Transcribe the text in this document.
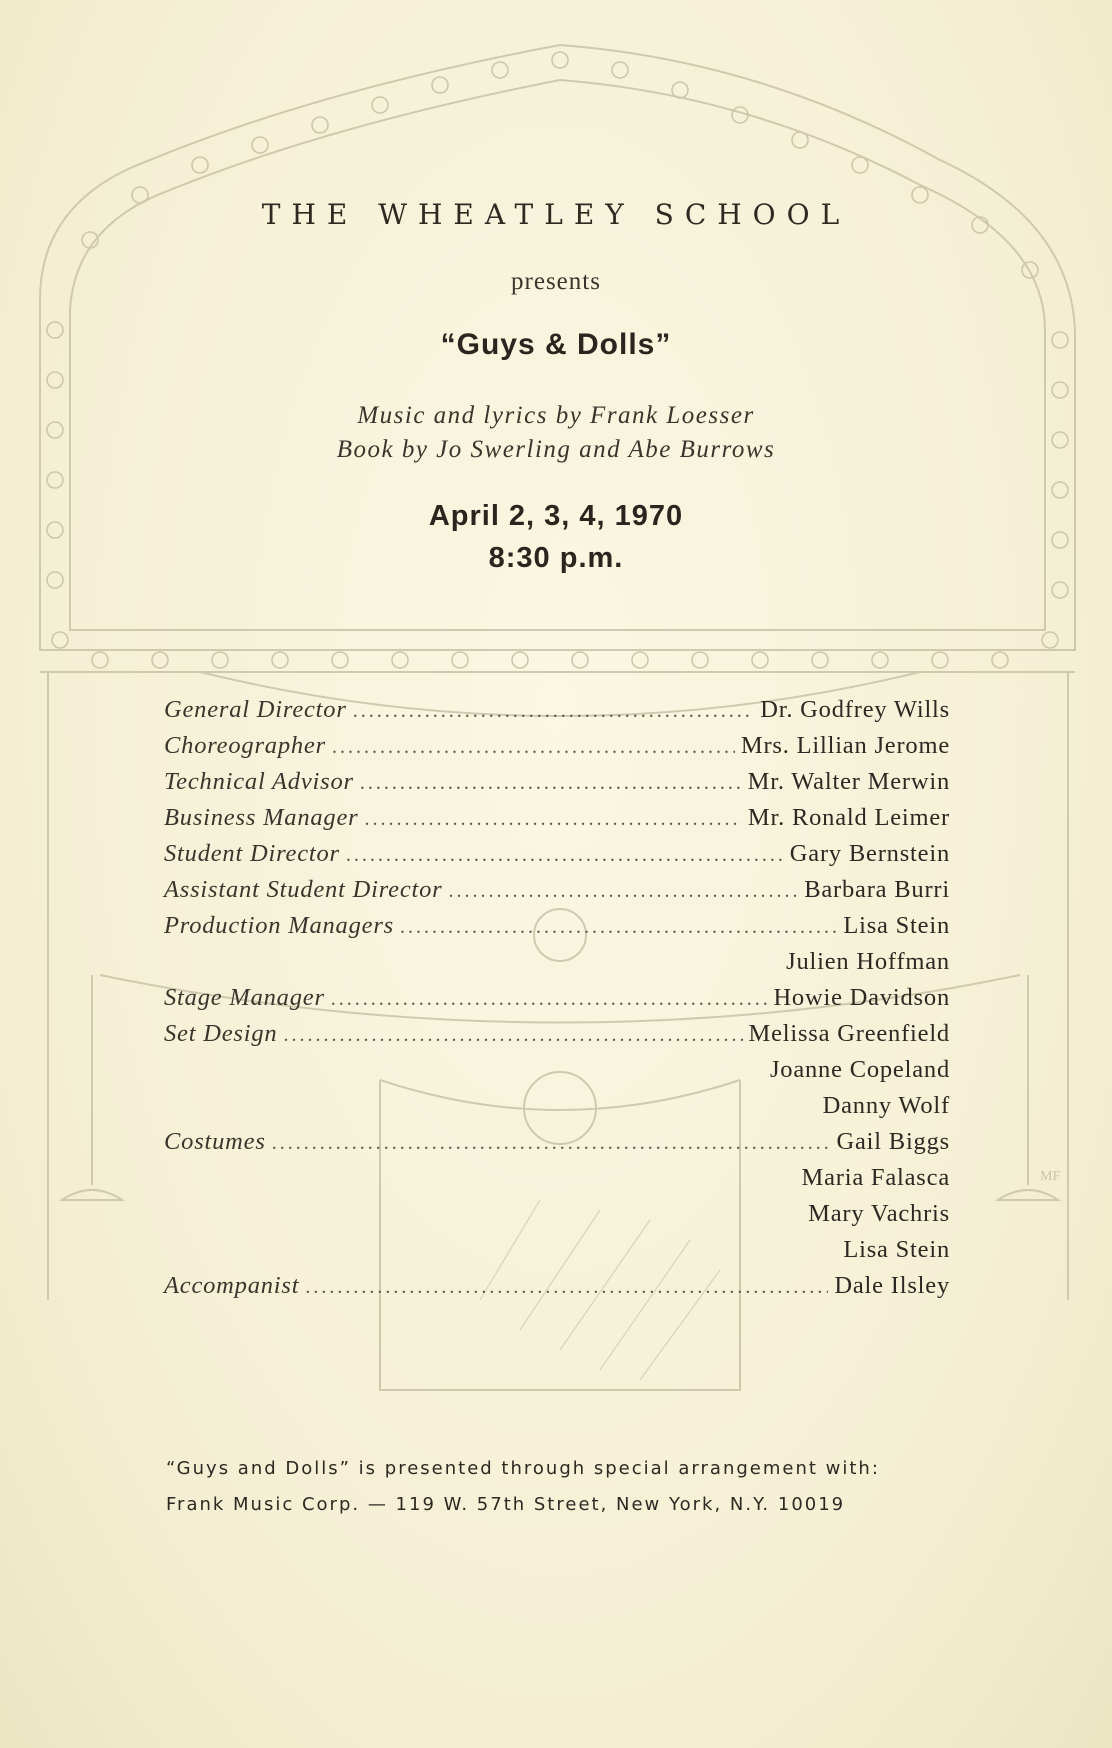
MF
THE WHEATLEY SCHOOL
presents
“Guys & Dolls”
Music and lyrics by Frank Loesser
Book by Jo Swerling and Abe Burrows
April 2, 3, 4, 1970
8:30 p.m.
General Director .....	Dr. Godfrey Wills
Choreographer .....	Mrs. Lillian Jerome
Technical Advisor .....	Mr. Walter Merwin
Business Manager .....	Mr. Ronald Leimer
Student Director .....	Gary Bernstein
Assistant Student Director .....	Barbara Burri
Production Managers .....	Lisa Stein
Julien Hoffman
Stage Manager .....	Howie Davidson
Set Design .....	Melissa Greenfield
Joanne Copeland
Danny Wolf
Costumes .....	Gail Biggs
Maria Falasca
Mary Vachris
Lisa Stein
Accompanist .....	Dale Ilsley
“Guys and Dolls” is presented through special arrangement with:
Frank Music Corp. — 119 W. 57th Street, New York, N.Y. 10019
